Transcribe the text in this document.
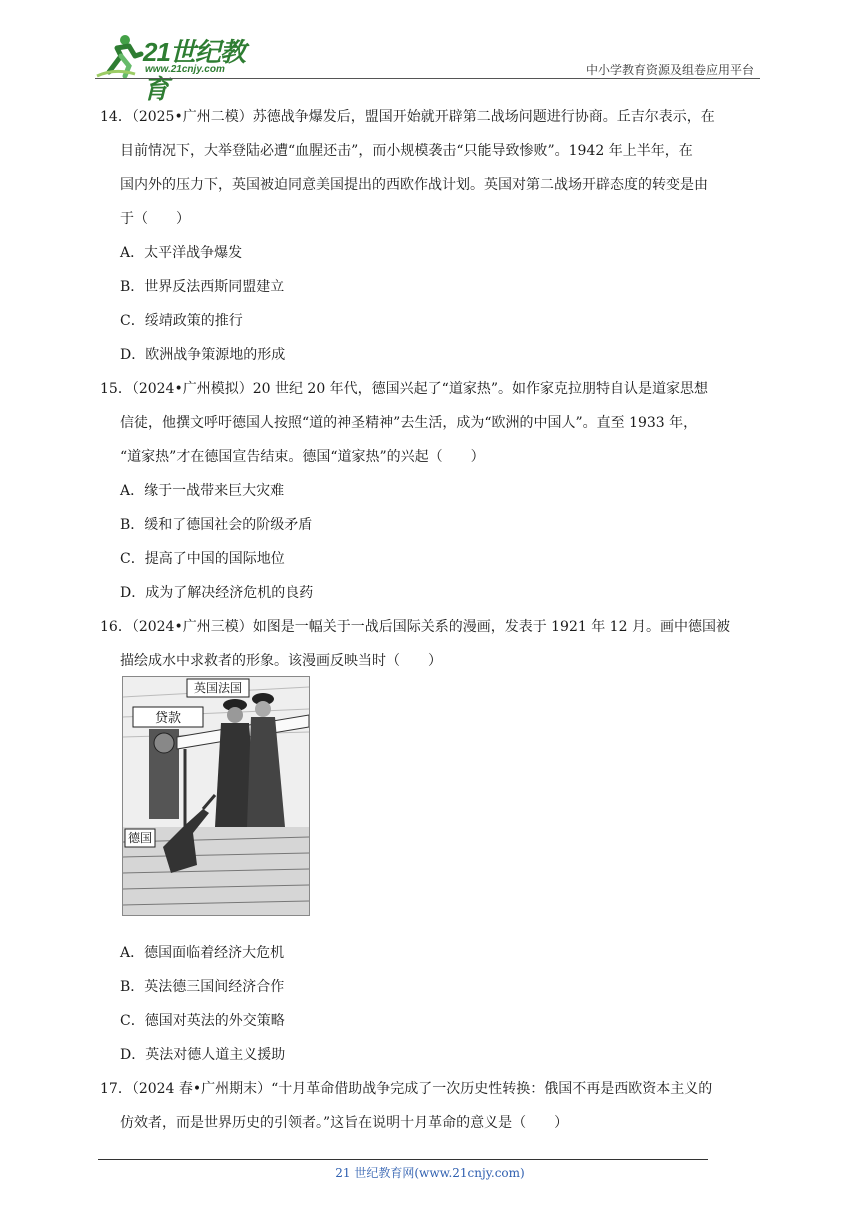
21世纪教育
www.21cnjy.com	中小学教育资源及组卷应用平台

14．（2025•广州二模）苏德战争爆发后，盟国开始就开辟第二战场问题进行协商。丘吉尔表示，在

目前情况下，大举登陆必遭“血腥还击”，而小规模袭击“只能导致惨败”。1942 年上半年，在

国内外的压力下，英国被迫同意美国提出的西欧作战计划。英国对第二战场开辟态度的转变是由

于（　　）

A．太平洋战争爆发

B．世界反法西斯同盟建立

C．绥靖政策的推行

D．欧洲战争策源地的形成

15．（2024•广州模拟）20 世纪 20 年代，德国兴起了“道家热”。如作家克拉朋特自认是道家思想

信徒，他撰文呼吁德国人按照“道的神圣精神”去生活，成为“欧洲的中国人”。直至 1933 年，

“道家热”才在德国宣告结束。德国“道家热”的兴起（　　）

A．缘于一战带来巨大灾难

B．缓和了德国社会的阶级矛盾

C．提高了中国的国际地位

D．成为了解决经济危机的良药

16．（2024•广州三模）如图是一幅关于一战后国际关系的漫画，发表于 1921 年 12 月。画中德国被

描绘成水中求救者的形象。该漫画反映当时（　　）

A．德国面临着经济大危机

B．英法德三国间经济合作

C．德国对英法的外交策略

D．英法对德人道主义援助

17．（2024 春•广州期末）“十月革命借助战争完成了一次历史性转换：俄国不再是西欧资本主义的

仿效者，而是世界历史的引领者。”这旨在说明十月革命的意义是（　　）

英国法国
贷款
德国
21 世纪教育网(www.21cnjy.com)
